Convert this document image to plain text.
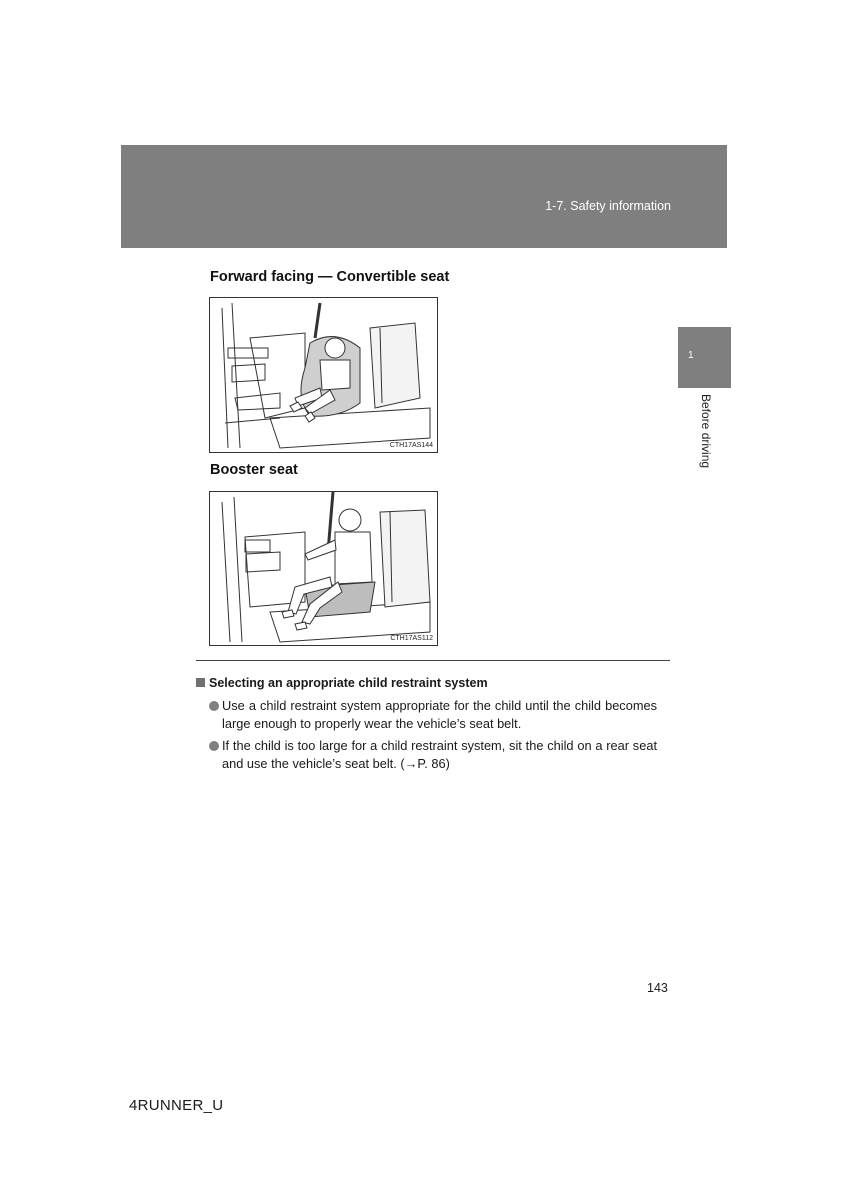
1-7. Safety information
1
Before driving
Forward facing — Convertible seat
CTH17AS144
Booster seat
CTH17AS112
Selecting an appropriate child restraint system
Use a child restraint system appropriate for the child until the child becomes large enough to properly wear the vehicle’s seat belt.
If the child is too large for a child restraint system, sit the child on a rear seat and use the vehicle’s seat belt. (→P. 86)
143
4RUNNER_U
